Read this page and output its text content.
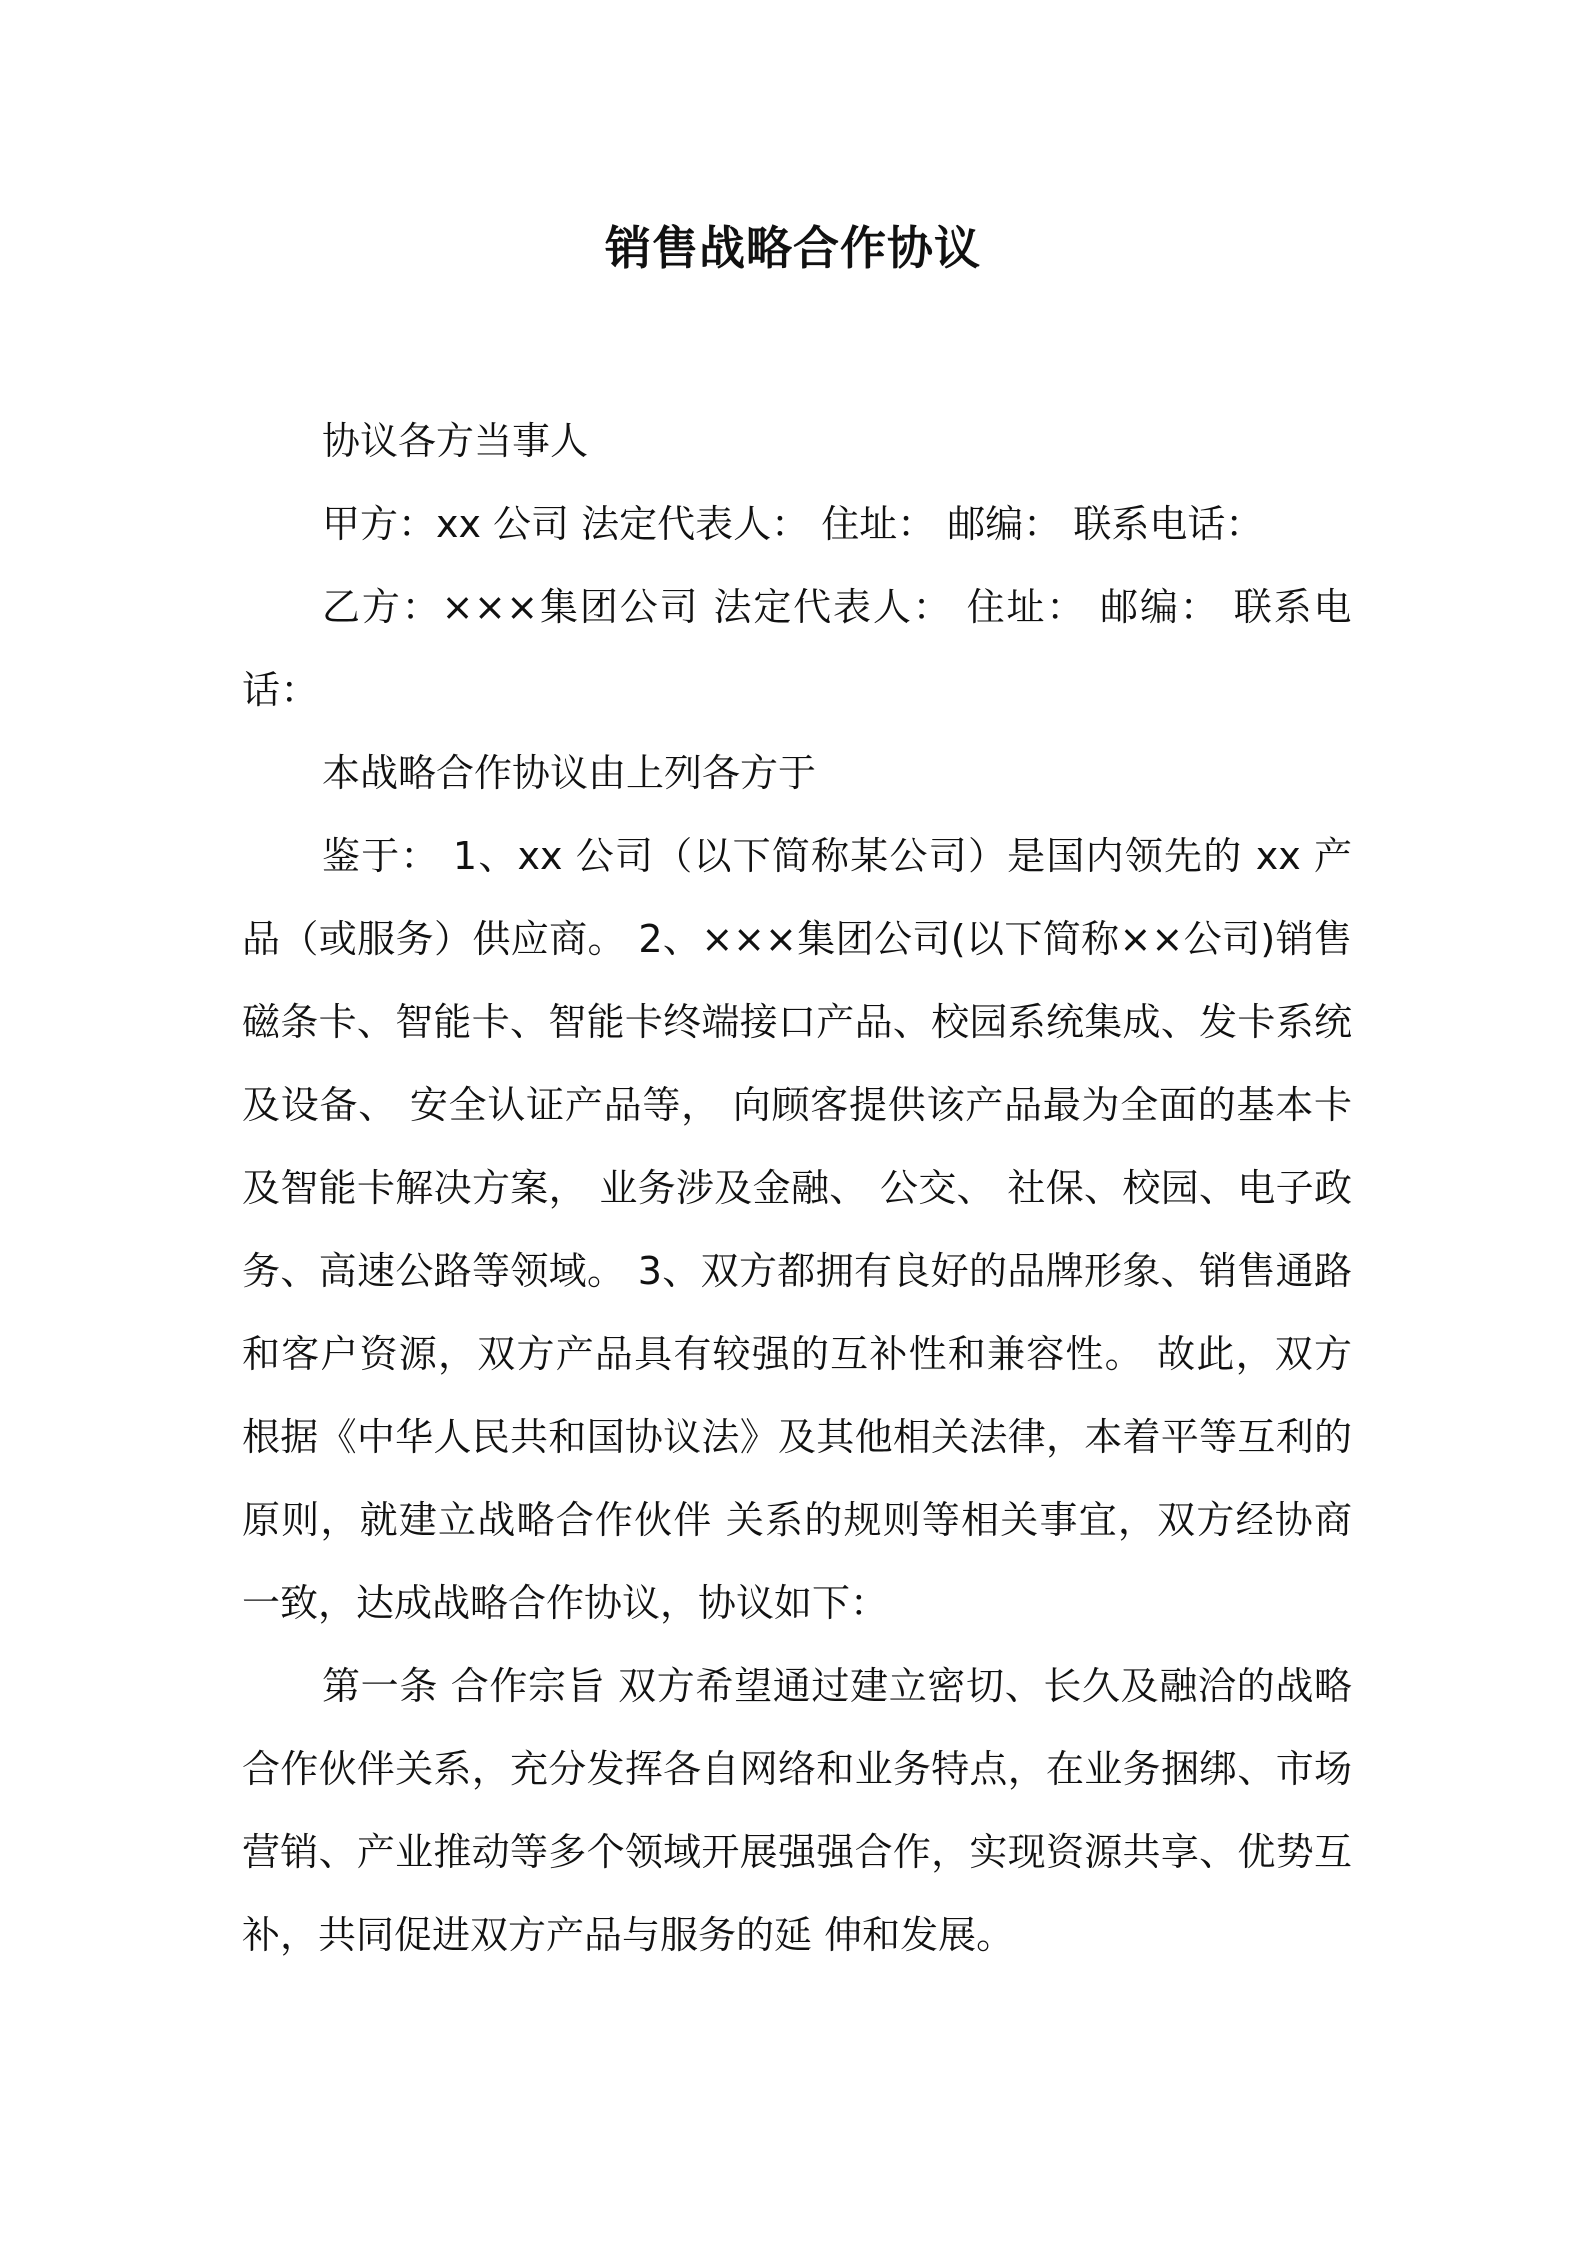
销售战略合作协议

协议各方当事人

甲方：xx 公司 法定代表人： 住址： 邮编： 联系电话：

乙方：×××集团公司 法定代表人： 住址： 邮编： 联系电话：

本战略合作协议由上列各方于

鉴于： 1、xx 公司（以下简称某公司）是国内领先的 xx 产品（或服务）供应商。 2、×××集团公司(以下简称××公司)销售磁条卡、智能卡、智能卡终端接口产品、校园系统集成、发卡系统 及设备、 安全认证产品等， 向顾客提供该产品最为全面的基本卡及智能卡解决方案， 业务涉及金融、 公交、 社保、校园、电子政务、高速公路等领域。 3、双方都拥有良好的品牌形象、销售通路和客户资源，双方产品具有较强的互补性和兼容性。 故此，双方根据《中华人民共和国协议法》及其他相关法律，本着平等互利的原则，就建立战略合作伙伴 关系的规则等相关事宜，双方经协商一致，达成战略合作协议，协议如下：

第一条 合作宗旨 双方希望通过建立密切、长久及融洽的战略合作伙伴关系，充分发挥各自网络和业务特点，在业务捆绑、市场营销、产业推动等多个领域开展强强合作，实现资源共享、优势互补，共同促进双方产品与服务的延 伸和发展。
